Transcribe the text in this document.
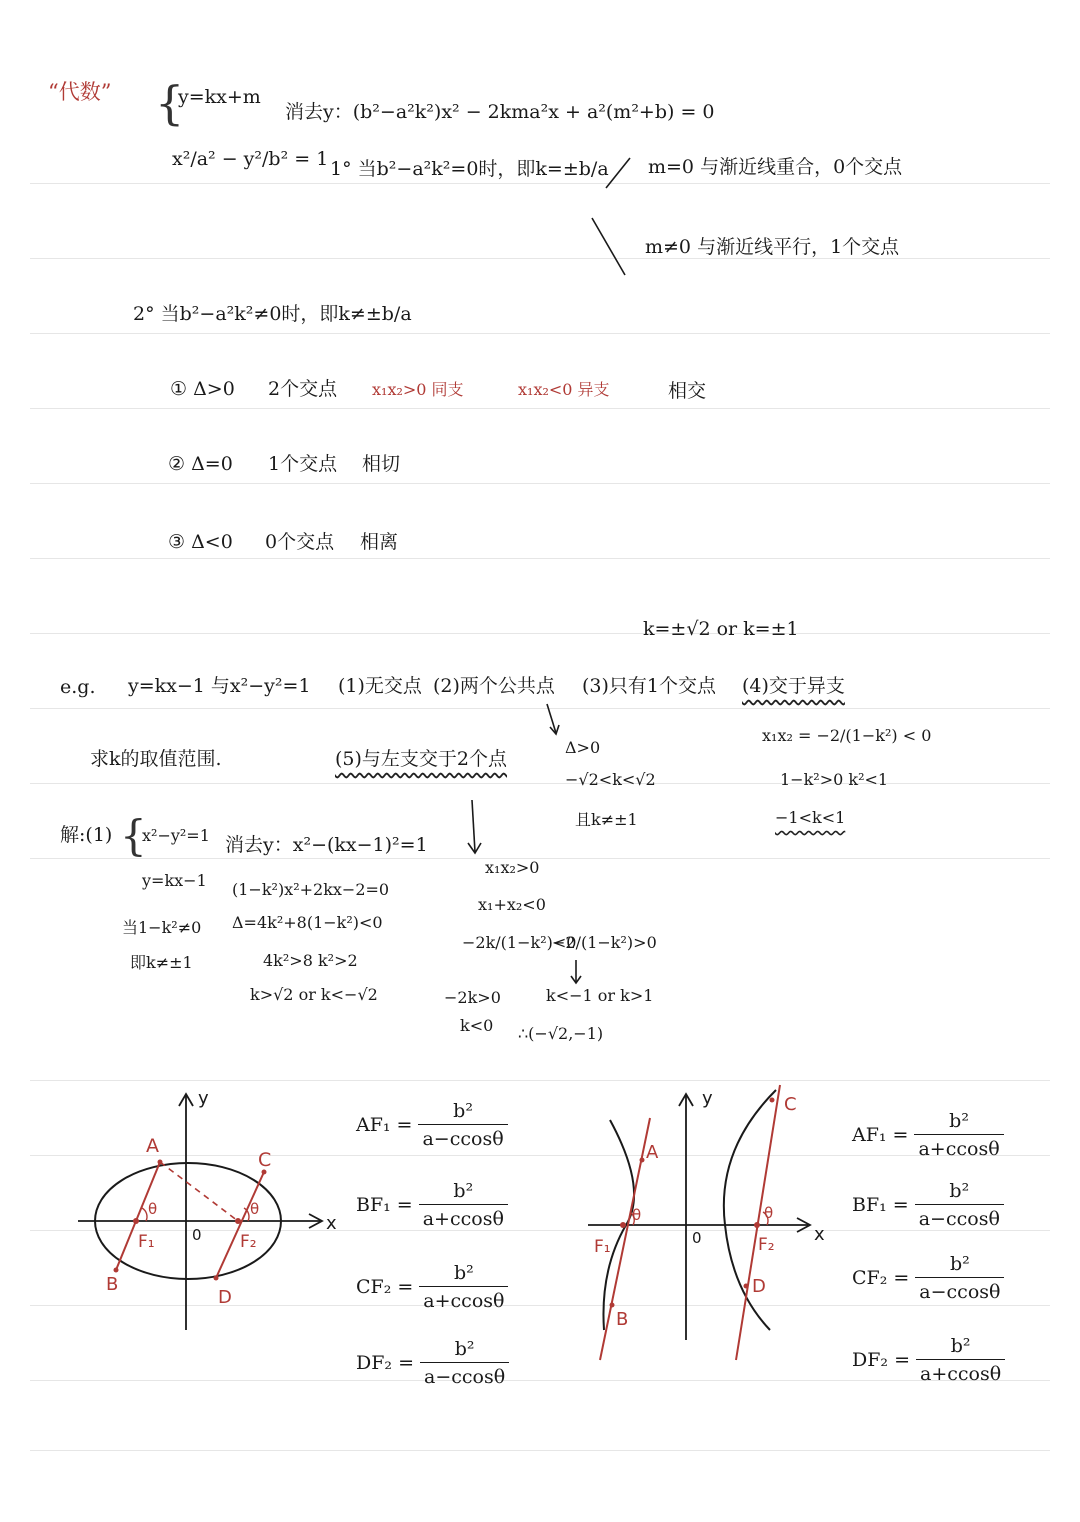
“代数” {
y=kx+m
x²/a² − y²/b² = 1
消去y：(b²−a²k²)x² − 2kma²x + a²(m²+b) = 0
1° 当b²−a²k²=0时，即k=±b/a m=0 与渐近线重合，0个交点
m≠0 与渐近线平行，1个交点
2° 当b²−a²k²≠0时，即k≠±b/a
① Δ>0 2个交点 x₁x₂>0 同支	x₁x₂<0 异支	相交
② Δ=0 1个交点 相切
③ Δ<0 0个交点 相离
k=±√2 or k=±1
e.g. y=kx−1 与x²−y²=1 (1)无交点 (2)两个公共点 (3)只有1个交点 (4)交于异支
求k的取值范围.	(5)与左支交于2个点
Δ>0
−√2<k<√2
且k≠±1
x₁x₂ = −2/(1−k²) < 0
1−k²>0 k²<1
−1<k<1
解:(1) {
x²−y²=1
y=kx−1
消去y：x²−(kx−1)²=1
(1−k²)x²+2kx−2=0
Δ=4k²+8(1−k²)<0
4k²>8 k²>2
k>√2 or k<−√2
当1−k²≠0
即k≠±1
x₁x₂>0
x₁+x₂<0
−2k/(1−k²)<0
−2/(1−k²)>0
−2k>0
k<0
k<−1 or k>1
∴(−√2,−1)
y
x
0
A
B
C
D
F₁	F₂
θ	θ
y
x
0
A
B
C
D
F₁	F₂
θ	θ
$AF_1 = \frac{\text{b²}}{a-ccos\theta}$
$BF_1 = \frac{\text{b²}}{a+ccos\theta}$
$CF_2 = \frac{\text{b²}}{a+ccos\theta}$
$DF_2 = \frac{\text{b²}}{a-ccos\theta}$
$AF_1 = \frac{\text{b²}}{a+ccos\theta}$
$BF_1 = \frac{\text{b²}}{a-ccos\theta}$
$CF_2 = \frac{\text{b²}}{a-ccos\theta}$
$DF_2 = \frac{\text{b²}}{a+ccos\theta}$
